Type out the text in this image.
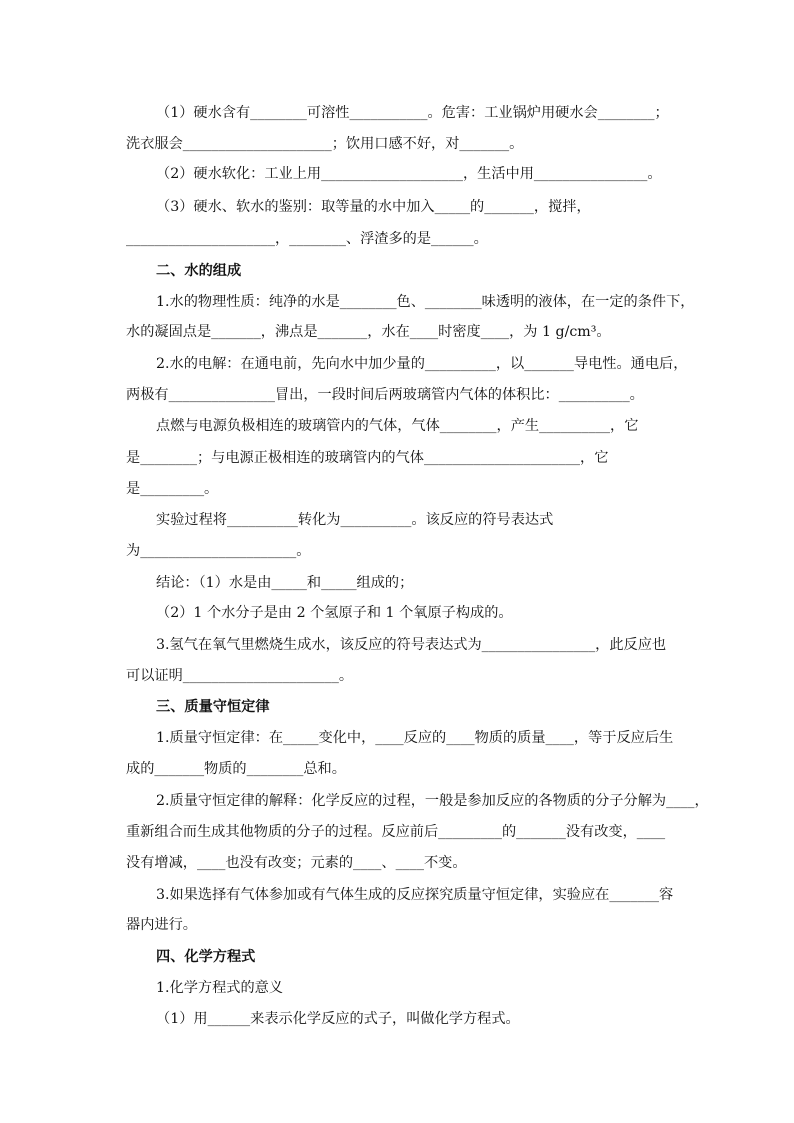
（1）硬水含有________可溶性___________。危害：工业锅炉用硬水会________；
洗衣服会_____________________；饮用口感不好，对_______。
（2）硬水软化：工业上用____________________，生活中用________________。
（3）硬水、软水的鉴别：取等量的水中加入_____的_______，搅拌，
_____________________，________、浮渣多的是______。
二、水的组成
1.水的物理性质：纯净的水是________色、________味透明的液体，在一定的条件下，
水的凝固点是_______，沸点是_______，水在____时密度____，为 1 g/cm³。
2.水的电解：在通电前，先向水中加少量的__________，以_______导电性。通电后，
两极有_______________冒出，一段时间后两玻璃管内气体的体积比：__________。
点燃与电源负极相连的玻璃管内的气体，气体________，产生__________，它
是________；与电源正极相连的玻璃管内的气体______________________，它
是_________。
实验过程将__________转化为__________。该反应的符号表达式
为______________________。
结论：（1）水是由_____和_____组成的；
（2）1 个水分子是由 2 个氢原子和 1 个氧原子构成的。
3.氢气在氧气里燃烧生成水，该反应的符号表达式为________________，此反应也
可以证明______________________。
三、质量守恒定律
1.质量守恒定律：在_____变化中，____反应的____物质的质量____，等于反应后生
成的_______物质的________总和。
2.质量守恒定律的解释：化学反应的过程，一般是参加反应的各物质的分子分解为____，
重新组合而生成其他物质的分子的过程。反应前后_________的_______没有改变，____
没有增减，____也没有改变；元素的____、____不变。
3.如果选择有气体参加或有气体生成的反应探究质量守恒定律，实验应在_______容
器内进行。
四、化学方程式
1.化学方程式的意义
（1）用______来表示化学反应的式子，叫做化学方程式。
